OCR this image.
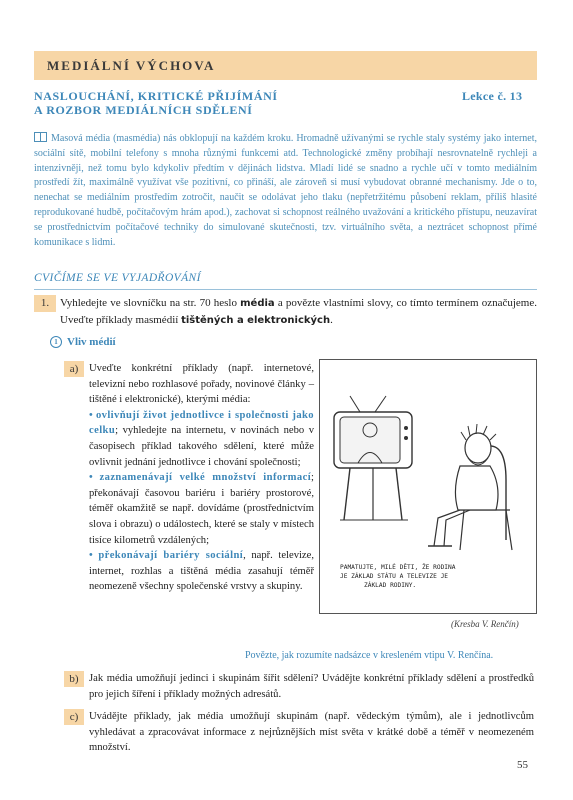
MEDIÁLNÍ VÝCHOVA
NASLOUCHÁNÍ, KRITICKÉ PŘIJÍMÁNÍ
A ROZBOR MEDIÁLNÍCH SDĚLENÍ
Lekce č. 13
Masová média (masmédia) nás obklopují na každém kroku. Hromadně užívanými se rychle staly systémy jako internet, sociální sítě, mobilní telefony s mnoha různými funkcemi atd. Technologické změny probíhají nesrovnatelně rychleji a intenzivněji, než tomu bylo kdykoliv předtím v dějinách lidstva. Mladí lidé se snadno a rychle učí v tomto mediálním prostředí žít, maximálně využívat vše pozitivní, co přináší, ale zároveň si musí vybudovat obranné mechanismy. Jde o to, nenechat se mediálním prostředím zotročit, naučit se odolávat jeho tlaku (nepřetržitému působení reklam, příliš hlasité reprodukované hudbě, počítačovým hrám apod.), zachovat si schopnost reálného uvažování a kritického přístupu, neuzavírat se prostřednictvím počítačové techniky do simulované skutečnosti, tzv. virtuálního světa, a neztrácet schopnost přímé komunikace s lidmi.
CVIČÍME SE VE VYJADŘOVÁNÍ
1. Vyhledejte ve slovníčku na str. 70 heslo média a povězte vlastními slovy, co tímto termínem označujeme. Uveďte příklady masmédií tištěných a elektronických.
1 Vliv médií
a)	Uveďte konkrétní příklady (např. internetové, televizní nebo rozhlasové pořady, novinové články – tištěné i elektronické), kterými média:
• ovlivňují život jednotlivce i společnosti jako celku; vyhledejte na internetu, v novinách nebo v časopisech příklad takového sdělení, které může ovlivnit jednání jednotlivce i chování společnosti;
• zaznamenávají velké množství informací; překonávají časovou bariéru i bariéry prostorové, téměř okamžitě se např. dovídáme (prostřednictvím slova i obrazu) o událostech, které se staly v místech tisíce kilometrů vzdálených;
• překonávají bariéry sociální, např. televize, internet, rozhlas a tištěná média zasahují téměř neomezeně všechny společenské vrstvy a skupiny.
PAMATUJTE, MILÉ DĚTI, ŽE RODINA
JE ZÁKLAD STÁTU A TELEVIZE JE
ZÁKLAD RODINY.
(Kresba V. Renčín)
Povězte, jak rozumíte nadsázce v kresleném vtipu V. Renčína.
b) Jak média umožňují jedinci i skupinám šířit sdělení? Uvádějte konkrétní příklady sdělení a prostředků pro jejich šíření i příklady možných adresátů.
c)	Uvádějte příklady, jak média umožňují skupinám (např. vědeckým týmům), ale i jednotlivcům vyhledávat a zpracovávat informace z nejrůznějších míst světa v krátké době a téměř v neomezeném množství.
55
